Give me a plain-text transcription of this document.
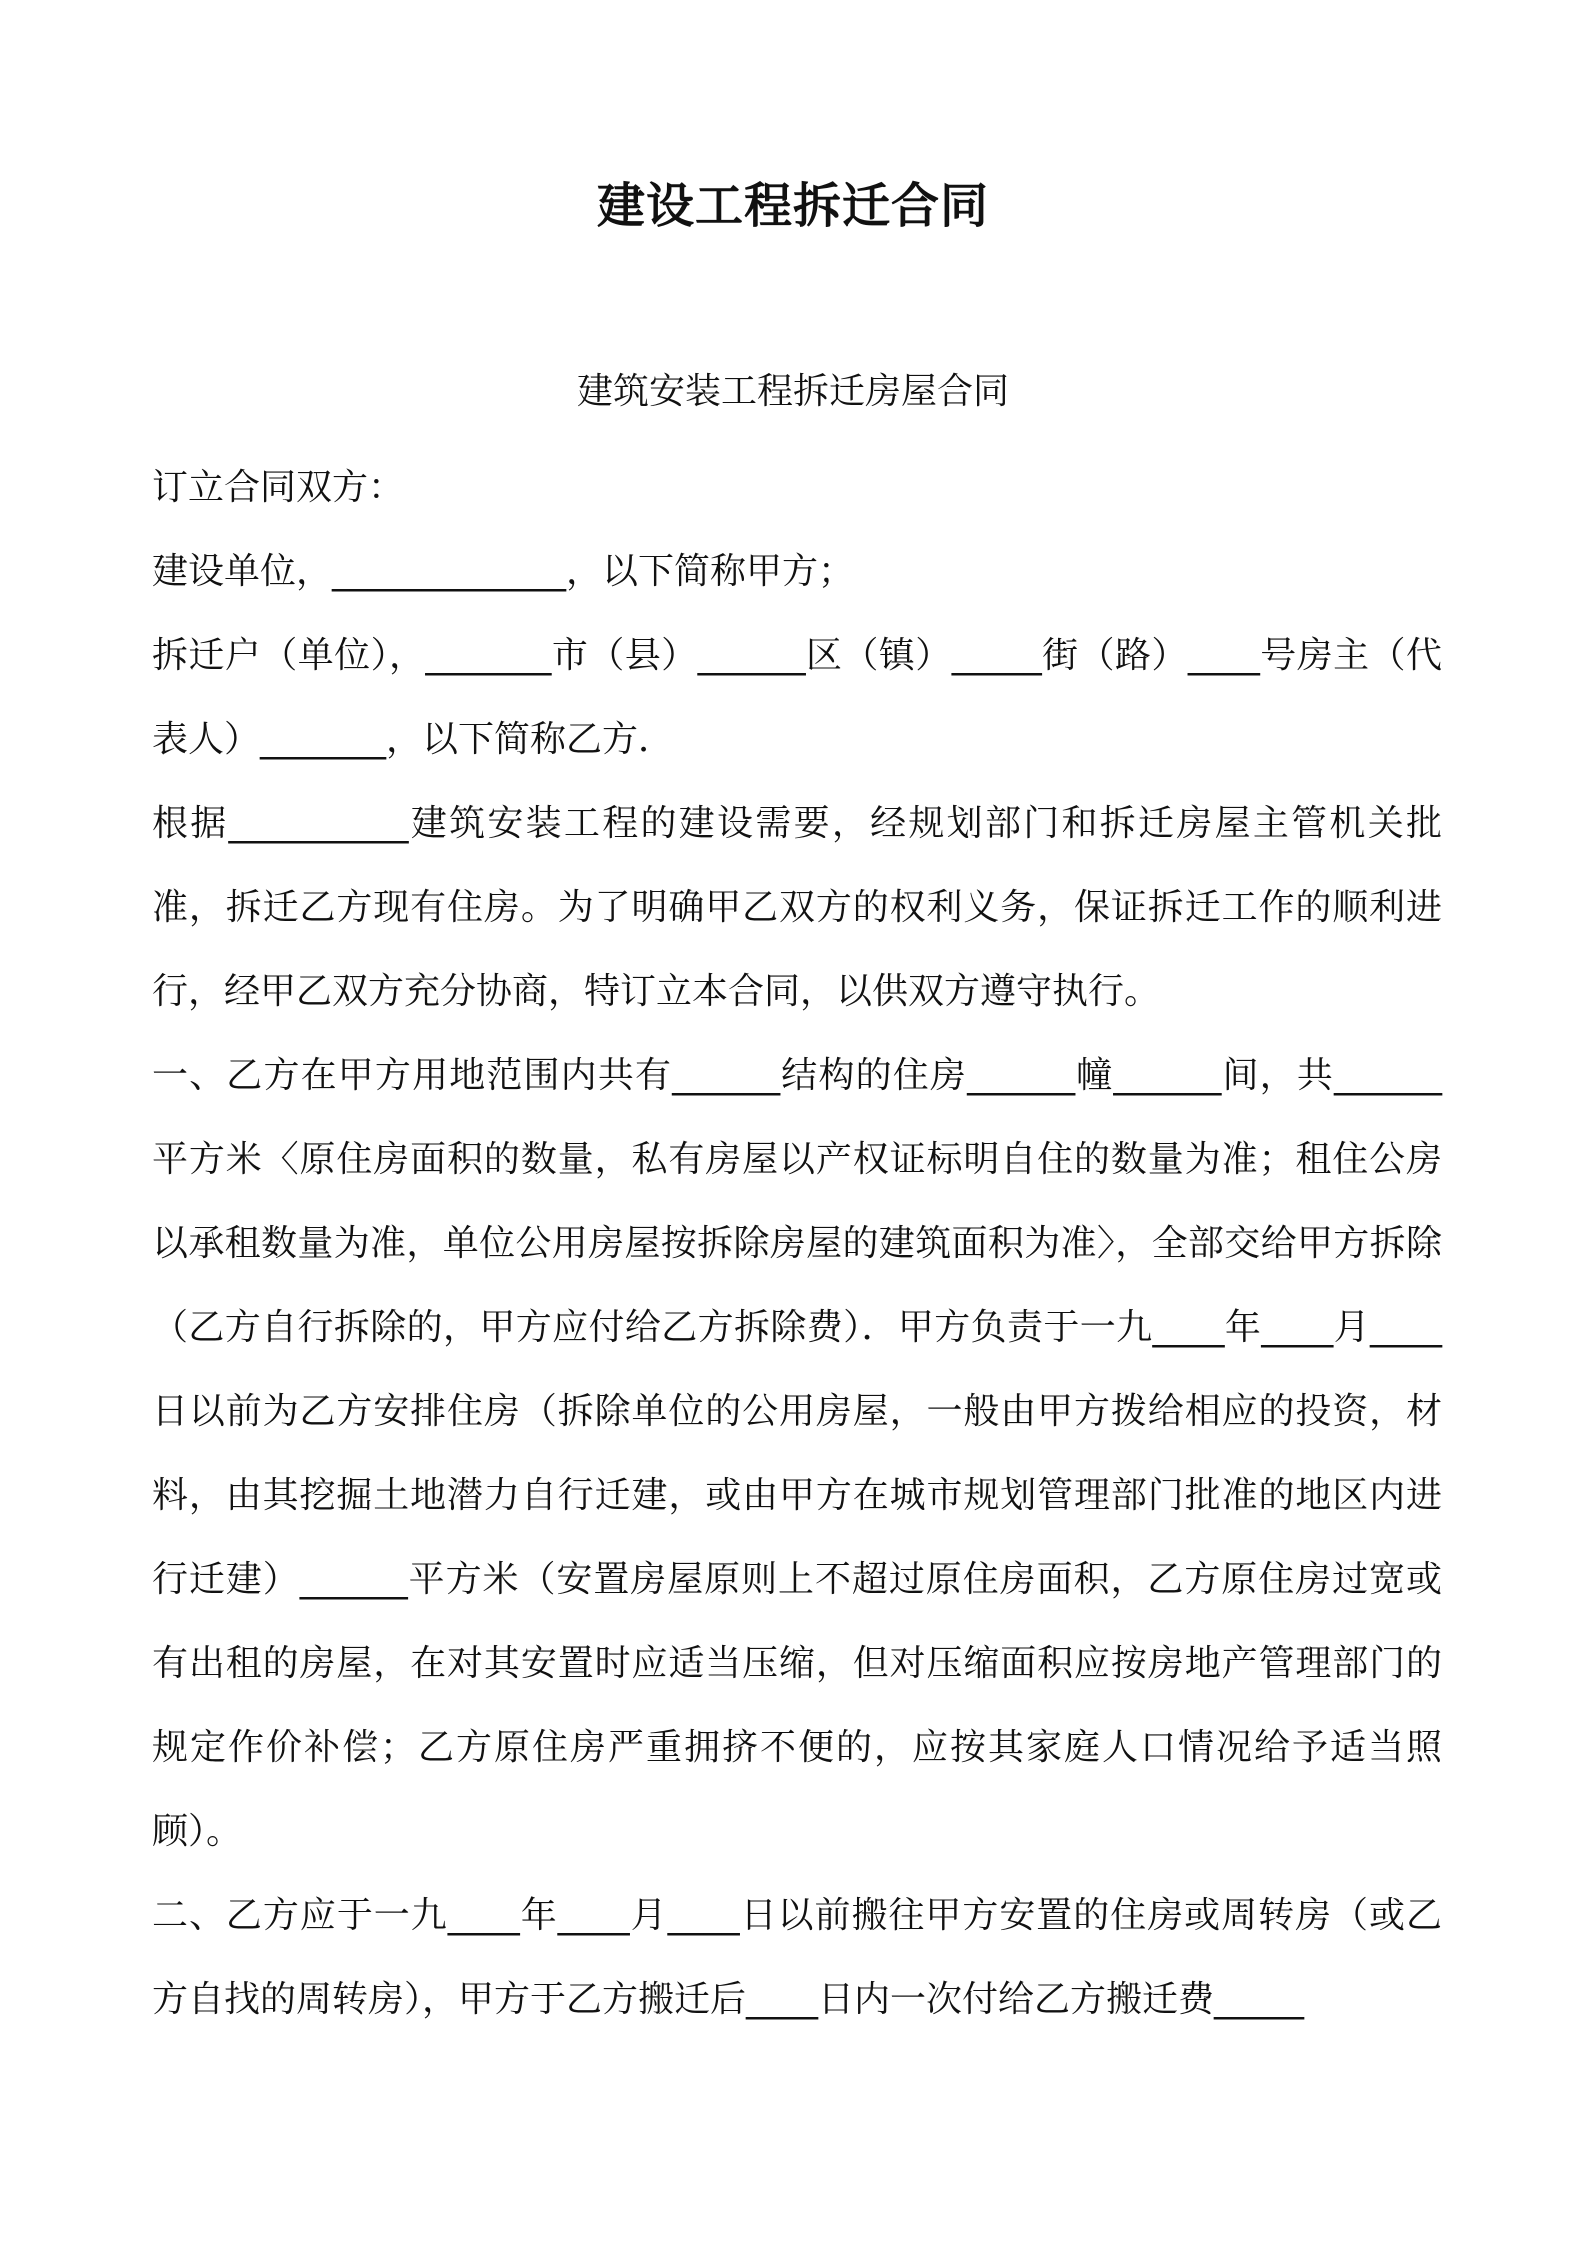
建设工程拆迁合同
建筑安装工程拆迁房屋合同

订立合同双方：

建设单位，_____________，以下简称甲方；

拆迁户（单位），_______市（县）______区（镇）_____街（路）____号房主（代表人）_______，以下简称乙方．

根据__________建筑安装工程的建设需要，经规划部门和拆迁房屋主管机关批准，拆迁乙方现有住房。为了明确甲乙双方的权利义务，保证拆迁工作的顺利进行，经甲乙双方充分协商，特订立本合同，以供双方遵守执行。

一、乙方在甲方用地范围内共有______结构的住房______幢______间，共______平方米〈原住房面积的数量，私有房屋以产权证标明自住的数量为准；租住公房以承租数量为准，单位公用房屋按拆除房屋的建筑面积为准〉，全部交给甲方拆除（乙方自行拆除的，甲方应付给乙方拆除费）．甲方负责于一九____年____月____日以前为乙方安排住房（拆除单位的公用房屋，一般由甲方拨给相应的投资，材料，由其挖掘土地潜力自行迁建，或由甲方在城市规划管理部门批准的地区内进行迁建）______平方米（安置房屋原则上不超过原住房面积，乙方原住房过宽或有出租的房屋，在对其安置时应适当压缩，但对压缩面积应按房地产管理部门的规定作价补偿；乙方原住房严重拥挤不便的，应按其家庭人口情况给予适当照顾）。

二、乙方应于一九____年____月____日以前搬往甲方安置的住房或周转房（或乙方自找的周转房），甲方于乙方搬迁后____日内一次付给乙方搬迁费_____
